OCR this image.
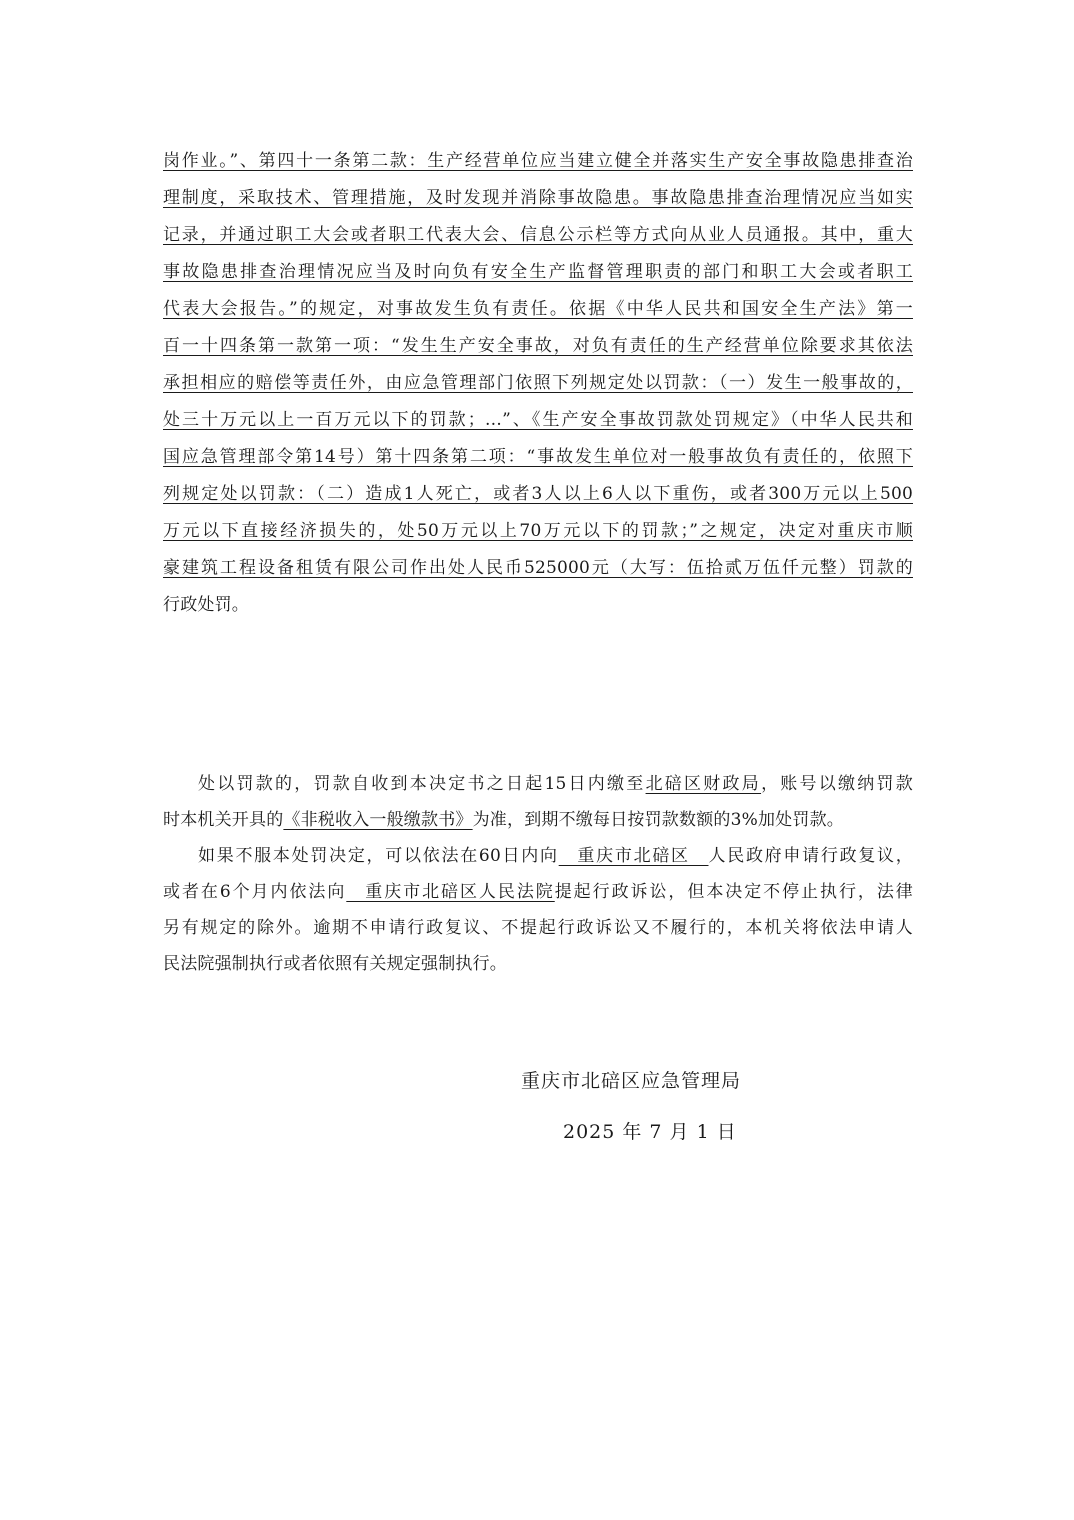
岗作业。”、第四十一条第二款：生产经营单位应当建立健全并落实生产安全事故隐患排查治
理制度，采取技术、管理措施，及时发现并消除事故隐患。事故隐患排查治理情况应当如实
记录，并通过职工大会或者职工代表大会、信息公示栏等方式向从业人员通报。其中，重大
事故隐患排查治理情况应当及时向负有安全生产监督管理职责的部门和职工大会或者职工
代表大会报告。”的规定，对事故发生负有责任。依据《中华人民共和国安全生产法》第一
百一十四条第一款第一项：“发生生产安全事故，对负有责任的生产经营单位除要求其依法
承担相应的赔偿等责任外，由应急管理部门依照下列规定处以罚款：（一）发生一般事故的，
处三十万元以上一百万元以下的罚款；…”、《生产安全事故罚款处罚规定》（中华人民共和
国应急管理部令第14号）第十四条第二项：“事故发生单位对一般事故负有责任的，依照下
列规定处以罚款：（二）造成1人死亡，或者3人以上6人以下重伤，或者300万元以上500
万元以下直接经济损失的，处50万元以上70万元以下的罚款；”之规定，决定对重庆市顺
豪建筑工程设备租赁有限公司作出处人民币525000元（大写：伍拾贰万伍仟元整）罚款的
行政处罚。
处以罚款的，罚款自收到本决定书之日起15日内缴至北碚区财政局，账号以缴纳罚款
时本机关开具的《非税收入一般缴款书》为准，到期不缴每日按罚款数额的3%加处罚款。
如果不服本处罚决定，可以依法在60日内向　重庆市北碚区　人民政府申请行政复议，
或者在6个月内依法向　重庆市北碚区人民法院提起行政诉讼，但本决定不停止执行，法律
另有规定的除外。逾期不申请行政复议、不提起行政诉讼又不履行的，本机关将依法申请人
民法院强制执行或者依照有关规定强制执行。
重庆市北碚区应急管理局
2025 年 7 月 1 日
